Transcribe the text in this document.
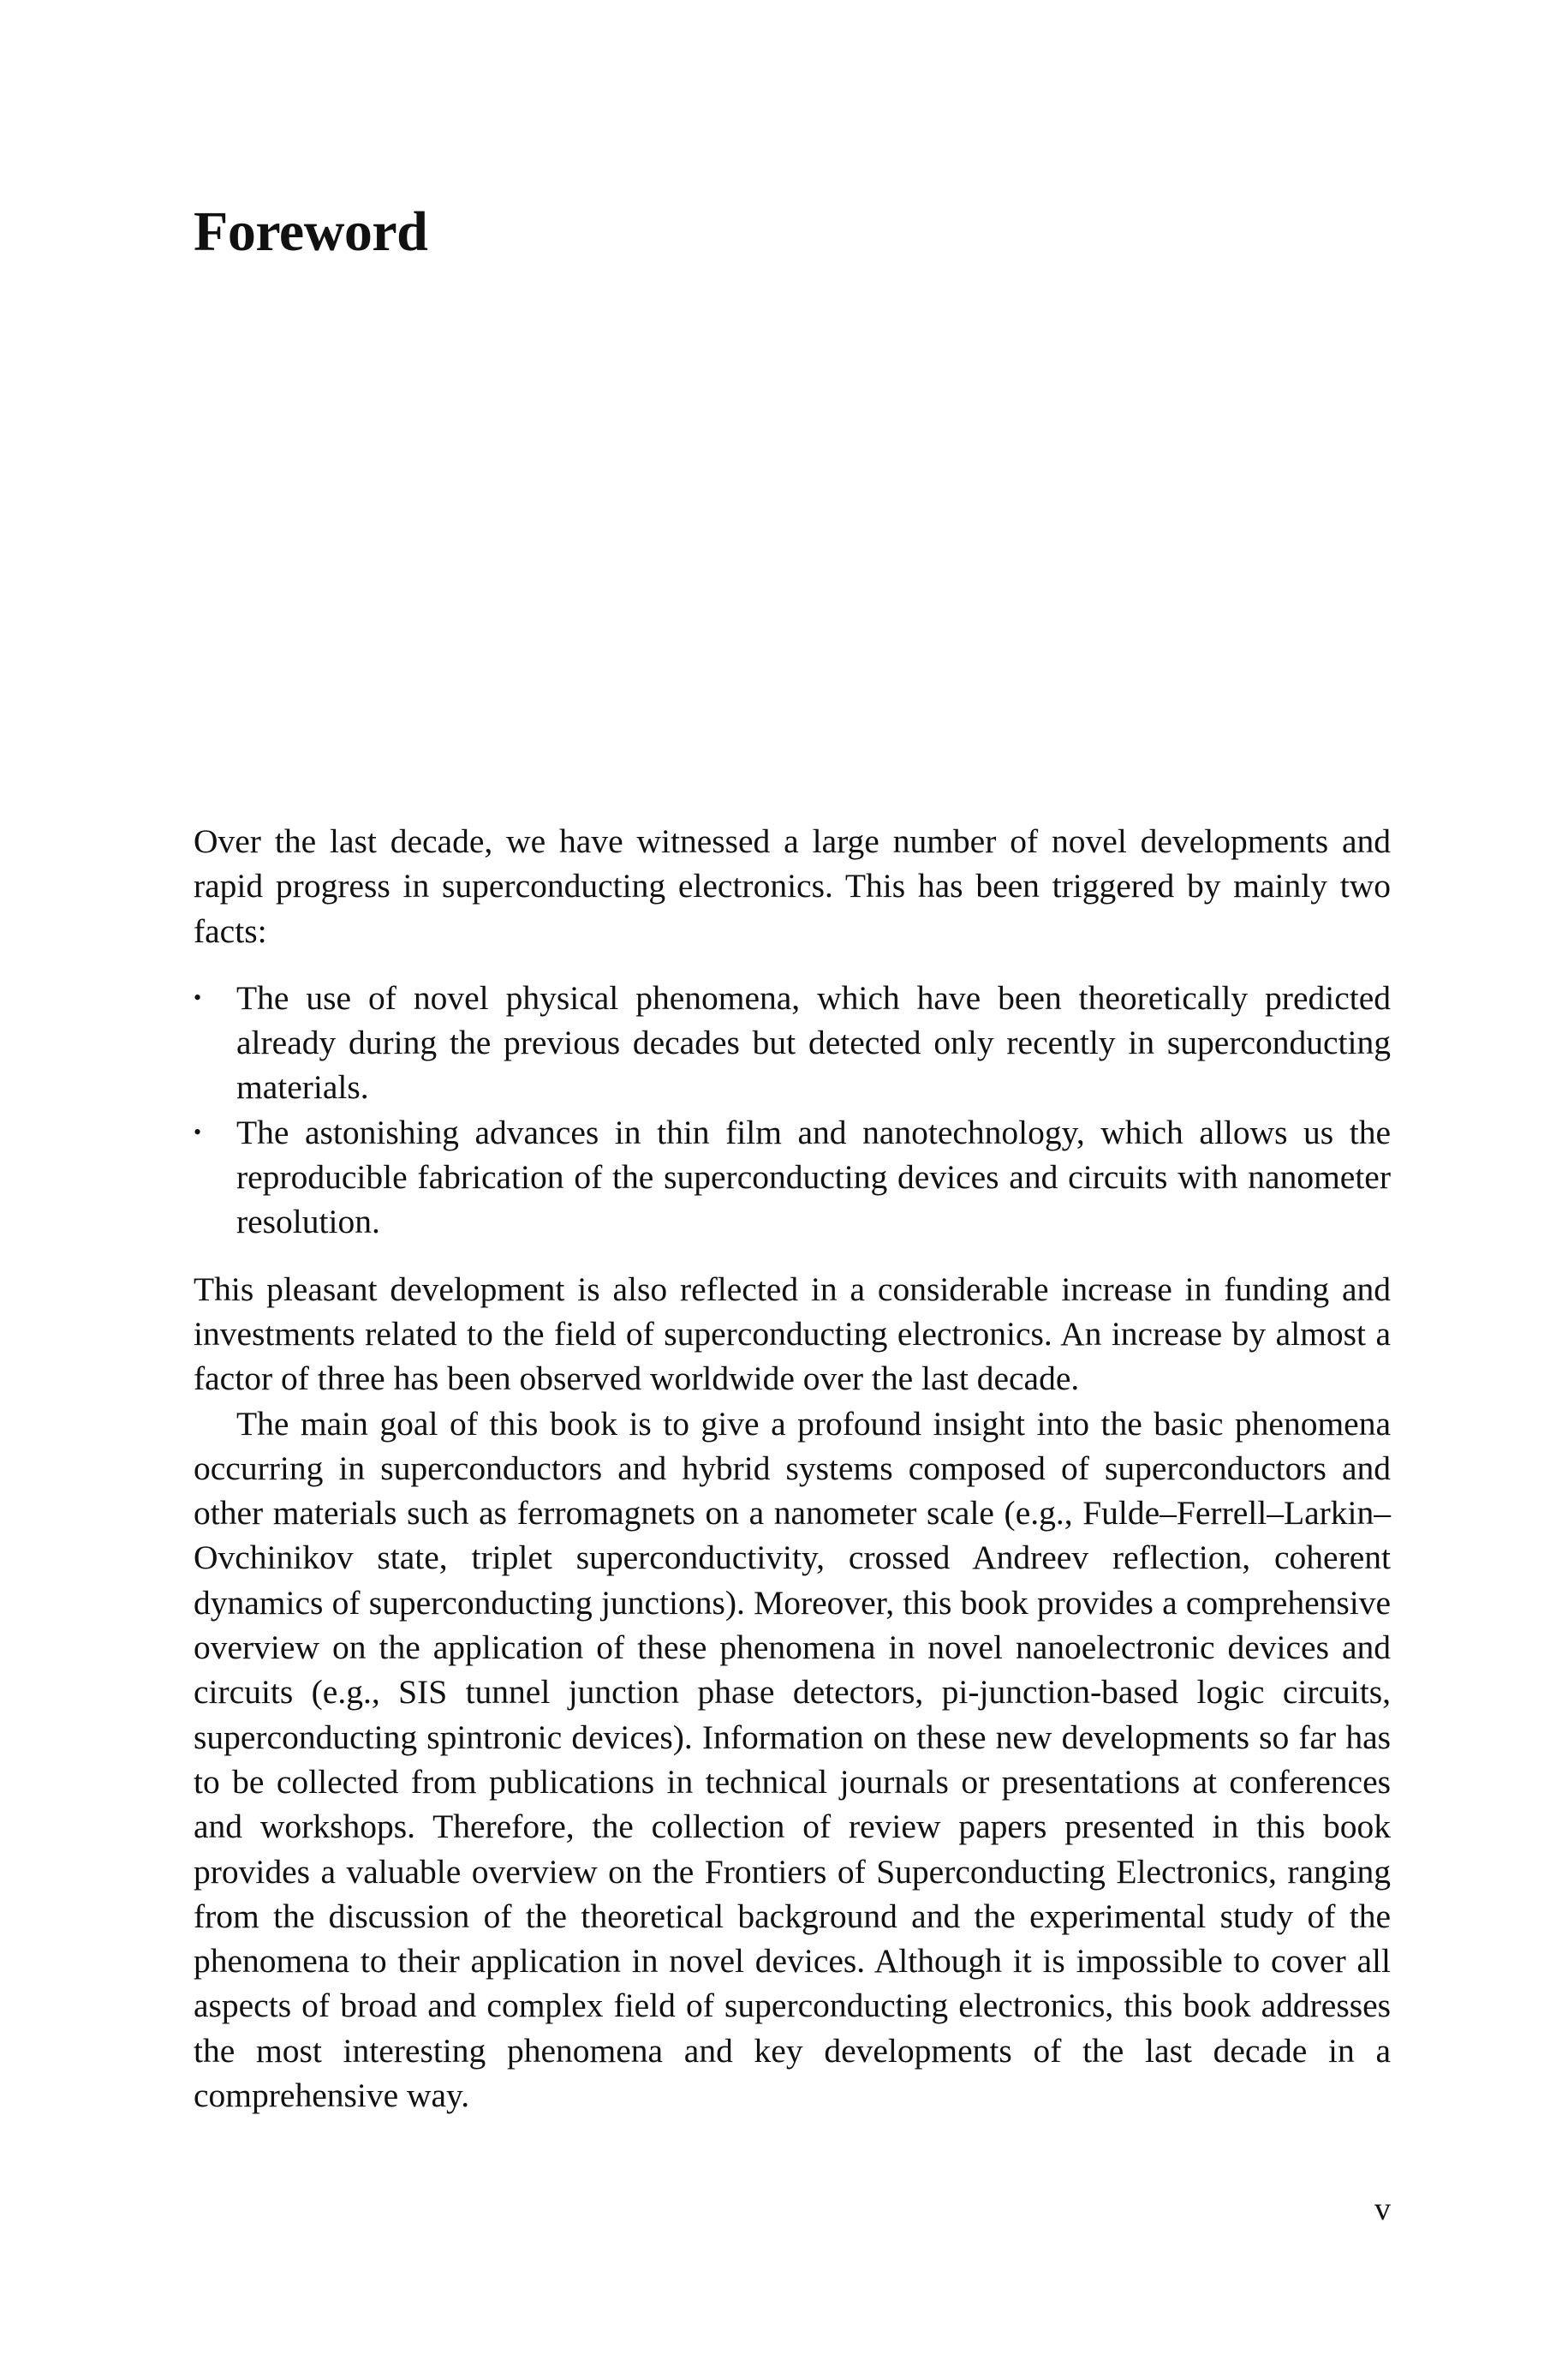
Foreword

Over the last decade, we have witnessed a large number of novel developments and rapid progress in superconducting electronics. This has been triggered by mainly two facts:

•	The use of novel physical phenomena, which have been theoretically predicted already during the previous decades but detected only recently in superconducting materials.
•	The astonishing advances in thin film and nanotechnology, which allows us the reproducible fabrication of the superconducting devices and circuits with nanometer resolution.

This pleasant development is also reflected in a considerable increase in funding and investments related to the field of superconducting electronics. An increase by almost a factor of three has been observed worldwide over the last decade.

The main goal of this book is to give a profound insight into the basic phenomena occurring in superconductors and hybrid systems composed of superconductors and other materials such as ferromagnets on a nanometer scale (e.g., Fulde–Ferrell–Larkin–Ovchinikov state, triplet superconductivity, crossed Andreev reflection, coherent dynamics of superconducting junctions). Moreover, this book provides a comprehensive overview on the application of these phenomena in novel nanoelectronic devices and circuits (e.g., SIS tunnel junction phase detectors, pi-junction-based logic circuits, superconducting spintronic devices). Information on these new developments so far has to be collected from publications in technical journals or presentations at conferences and workshops. Therefore, the collection of review papers presented in this book provides a valuable overview on the Frontiers of Superconducting Electronics, ranging from the discussion of the theoretical background and the experimental study of the phenomena to their application in novel devices. Although it is impossible to cover all aspects of broad and complex field of superconducting electronics, this book addresses the most interesting phenomena and key developments of the last decade in a comprehensive way.

v
